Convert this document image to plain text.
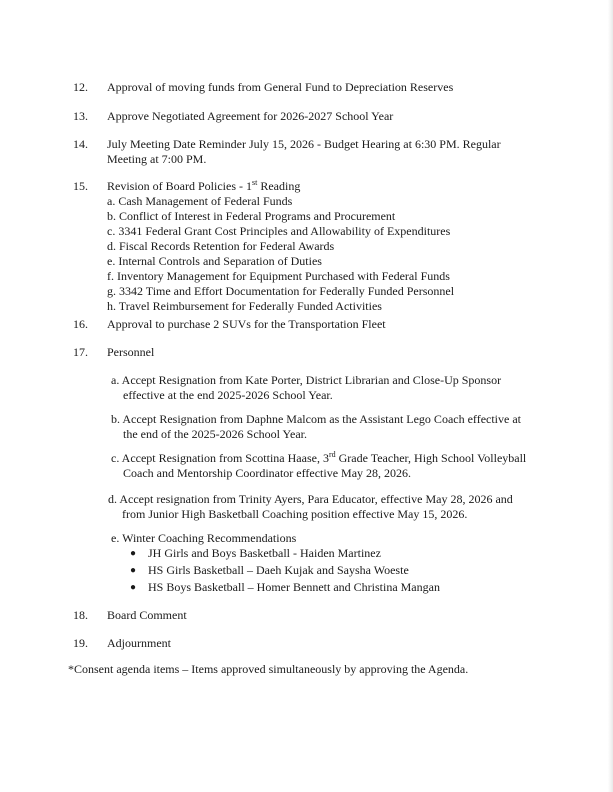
12. Approval of moving funds from General Fund to Depreciation Reserves
13. Approve Negotiated Agreement for 2026-2027 School Year
14. July Meeting Date Reminder July 15, 2026 - Budget Hearing at 6:30 PM. Regular
Meeting at 7:00 PM.
15. Revision of Board Policies - 1st Reading
a. Cash Management of Federal Funds
b. Conflict of Interest in Federal Programs and Procurement
c. 3341 Federal Grant Cost Principles and Allowability of Expenditures
d. Fiscal Records Retention for Federal Awards
e. Internal Controls and Separation of Duties
f. Inventory Management for Equipment Purchased with Federal Funds
g. 3342 Time and Effort Documentation for Federally Funded Personnel
h. Travel Reimbursement for Federally Funded Activities
16. Approval to purchase 2 SUVs for the Transportation Fleet
17. Personnel
a. Accept Resignation from Kate Porter, District Librarian and Close-Up Sponsor
effective at the end 2025-2026 School Year.
b. Accept Resignation from Daphne Malcom as the Assistant Lego Coach effective at
the end of the 2025-2026 School Year.
c. Accept Resignation from Scottina Haase, 3rd Grade Teacher, High School Volleyball
Coach and Mentorship Coordinator effective May 28, 2026.
d. Accept resignation from Trinity Ayers, Para Educator, effective May 28, 2026 and
from Junior High Basketball Coaching position effective May 15, 2026.
e. Winter Coaching Recommendations
● JH Girls and Boys Basketball - Haiden Martinez
● HS Girls Basketball – Daeh Kujak and Saysha Woeste
● HS Boys Basketball – Homer Bennett and Christina Mangan
18. Board Comment
19. Adjournment
*Consent agenda items – Items approved simultaneously by approving the Agenda.
